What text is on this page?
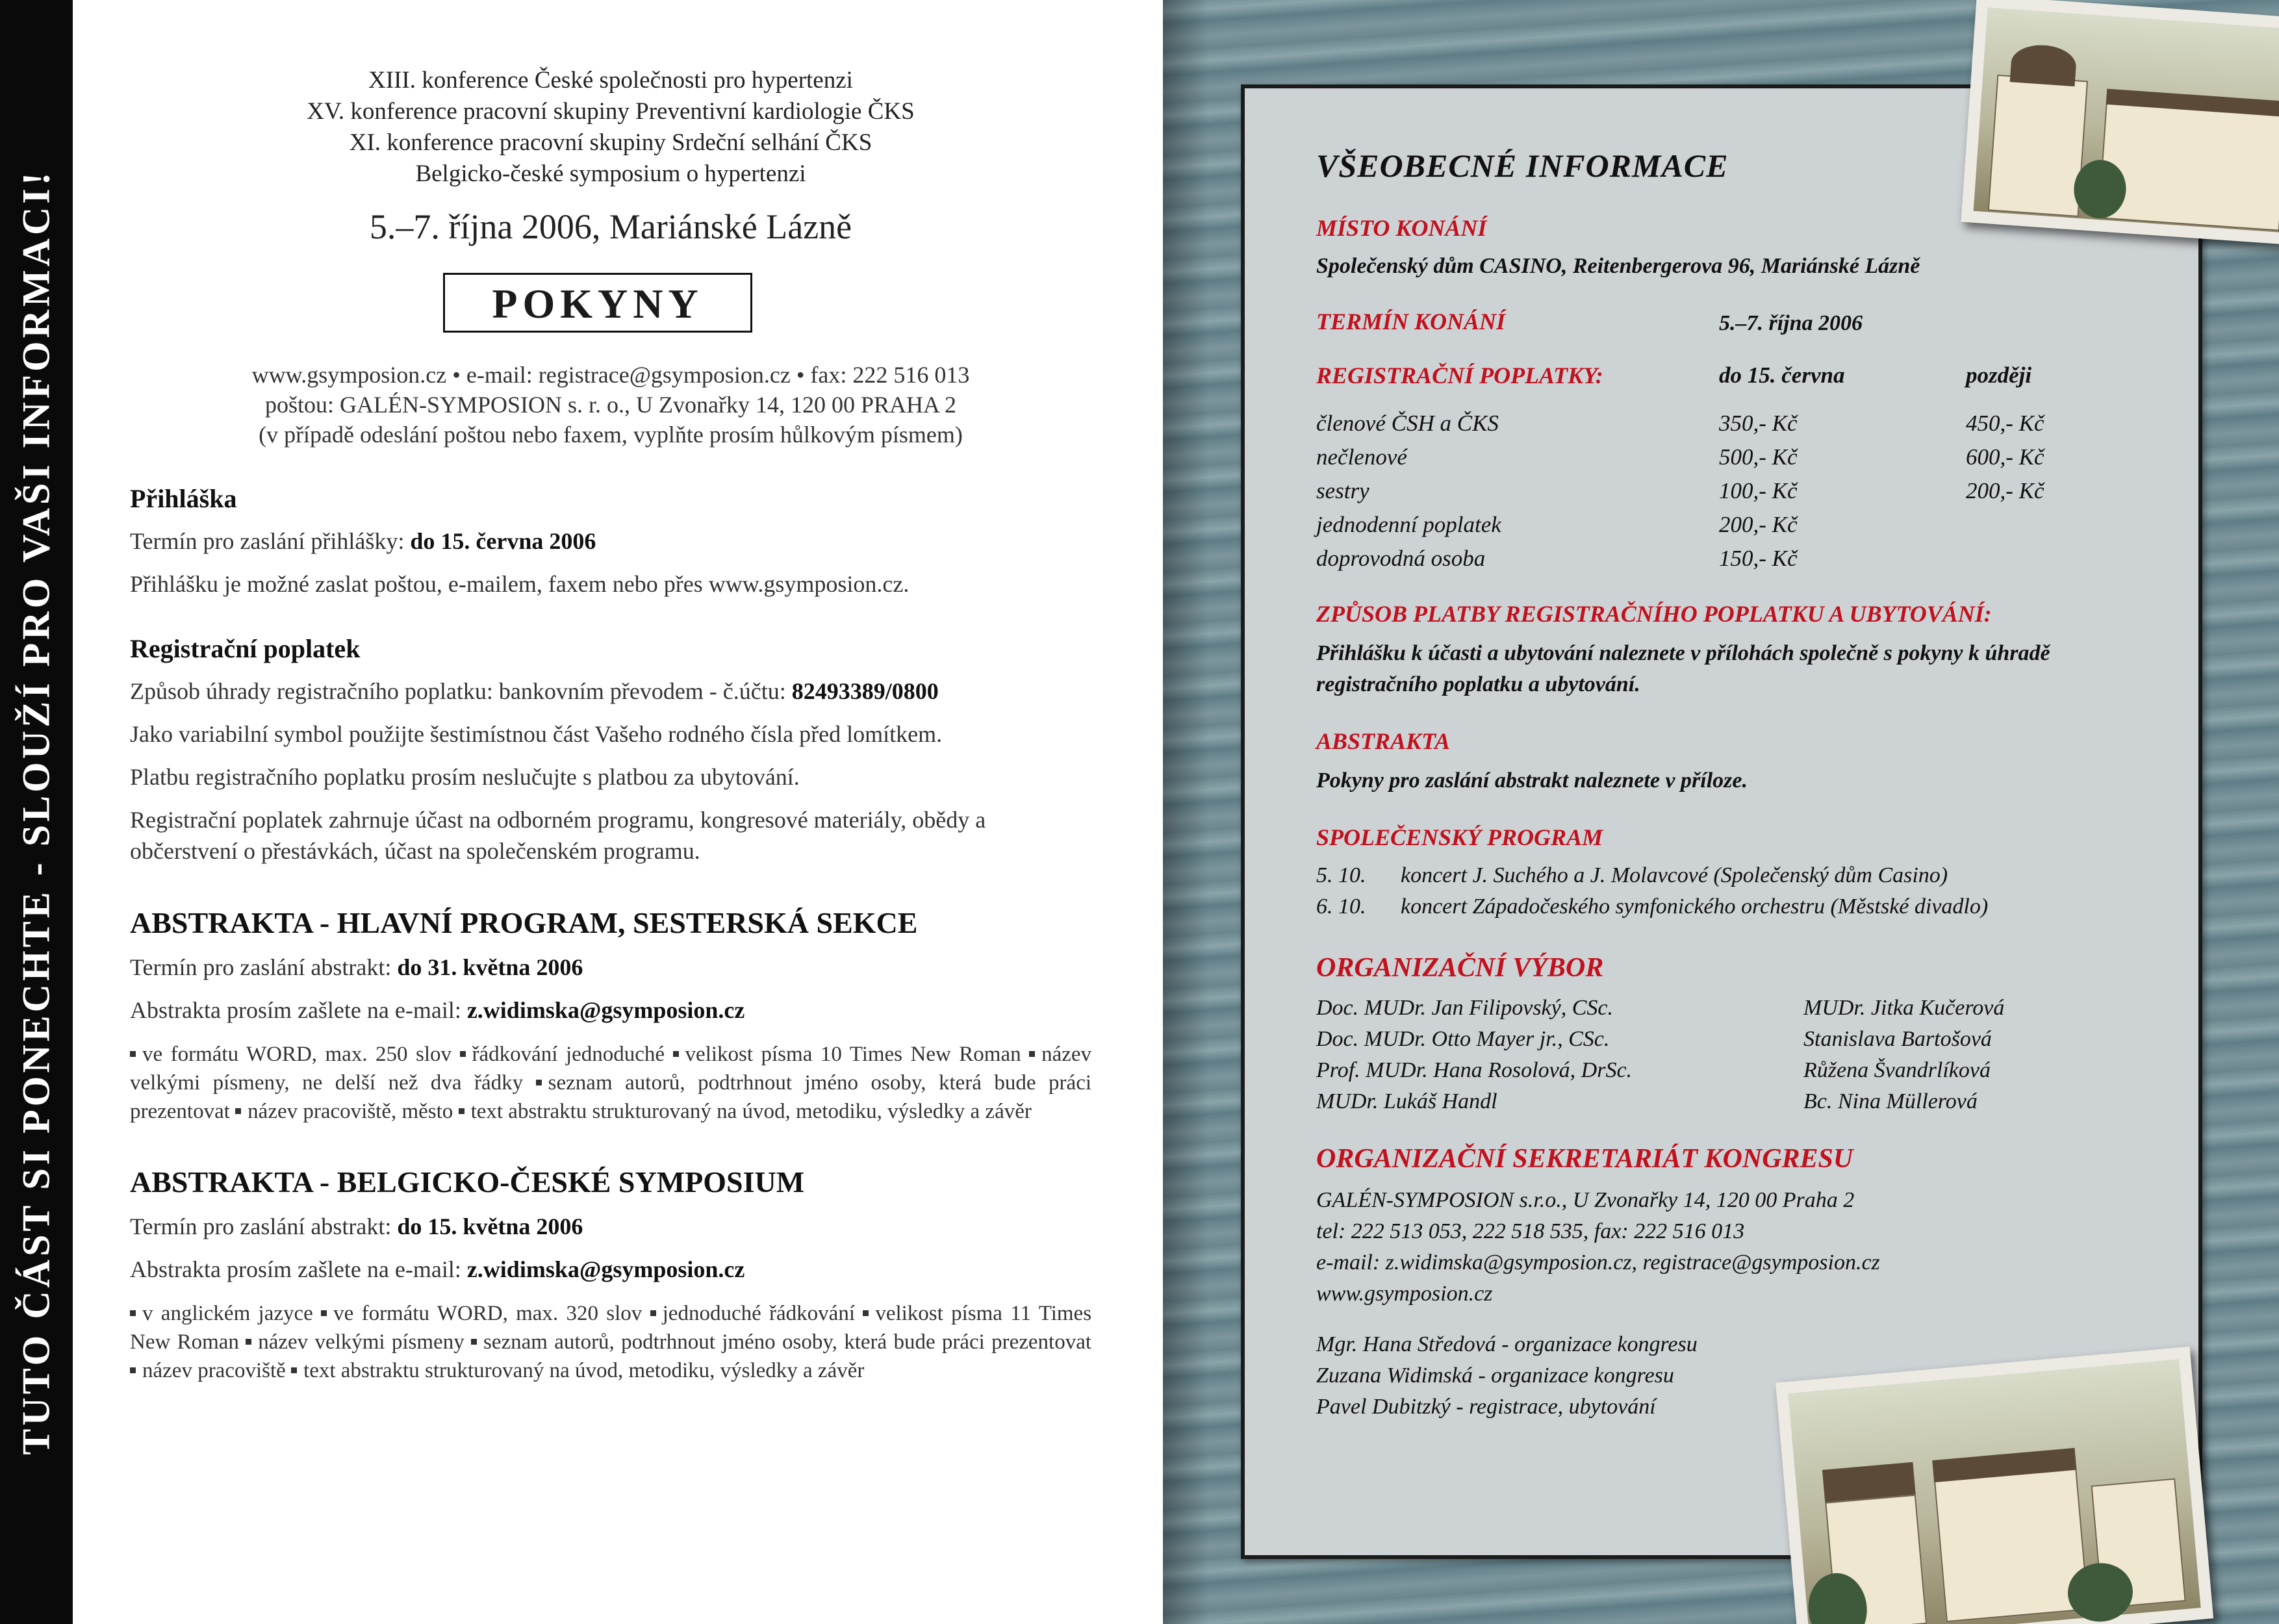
TUTO ČÁST SI PONECHTE - SLOUŽÍ PRO VAŠI INFORMACI!
XIII. konference České společnosti pro hypertenzi
XV. konference pracovní skupiny Preventivní kardiologie ČKS
XI. konference pracovní skupiny Srdeční selhání ČKS
Belgicko-české symposium o hypertenzi
5.–7. října 2006, Mariánské Lázně
POKYNY
www.gsymposion.cz • e-mail: registrace@gsymposion.cz • fax: 222 516 013
poštou: GALÉN-SYMPOSION s. r. o., U Zvonařky 14, 120 00 PRAHA 2
(v případě odeslání poštou nebo faxem, vyplňte prosím hůlkovým písmem)
Přihláška
Termín pro zaslání přihlášky: do 15. června 2006
Přihlášku je možné zaslat poštou, e-mailem, faxem nebo přes www.gsymposion.cz.
Registrační poplatek
Způsob úhrady registračního poplatku: bankovním převodem - č.účtu: 82493389/0800
Jako variabilní symbol použijte šestimístnou část Vašeho rodného čísla před lomítkem.
Platbu registračního poplatku prosím neslučujte s platbou za ubytování.
Registrační poplatek zahrnuje účast na odborném programu, kongresové materiály, obědy a občerstvení o přestávkách, účast na společenském programu.
ABSTRAKTA - HLAVNÍ PROGRAM, SESTERSKÁ SEKCE
Termín pro zaslání abstrakt: do 31. května 2006
Abstrakta prosím zašlete na e-mail: z.widimska@gsymposion.cz
ve formátu WORD, max. 250 slov řádkování jednoduché velikost písma 10 Times New Roman název velkými písmeny, ne delší než dva řádky seznam autorů, podtrhnout jméno osoby, která bude práci prezentovat název pracoviště, město text abstraktu strukturovaný na úvod, metodiku, výsledky a závěr
ABSTRAKTA - BELGICKO-ČESKÉ SYMPOSIUM
Termín pro zaslání abstrakt: do 15. května 2006
Abstrakta prosím zašlete na e-mail: z.widimska@gsymposion.cz
v anglickém jazyce ve formátu WORD, max. 320 slov jednoduché řádkování velikost písma 11 Times New Roman název velkými písmeny seznam autorů, podtrhnout jméno osoby, která bude práci prezentovat název pracoviště text abstraktu strukturovaný na úvod, metodiku, výsledky a závěr
VŠEOBECNÉ INFORMACE
MÍSTO KONÁNÍ
Společenský dům CASINO, Reitenbergerova 96, Mariánské Lázně
TERMÍN KONÁNÍ	5.–7. října 2006
REGISTRAČNÍ POPLATKY:	do 15. června	později
členové ČSH a ČKS	350,- Kč	450,- Kč
nečlenové	500,- Kč	600,- Kč
sestry	100,- Kč	200,- Kč
jednodenní poplatek	200,- Kč
doprovodná osoba	150,- Kč
ZPŮSOB PLATBY REGISTRAČNÍHO POPLATKU A UBYTOVÁNÍ:
Přihlášku k účasti a ubytování naleznete v přílohách společně s pokyny k úhradě registračního poplatku a ubytování.
ABSTRAKTA
Pokyny pro zaslání abstrakt naleznete v příloze.
SPOLEČENSKÝ PROGRAM
5. 10.	koncert J. Suchého a J. Molavcové (Společenský dům Casino)
6. 10.	koncert Západočeského symfonického orchestru (Městské divadlo)
ORGANIZAČNÍ VÝBOR
Doc. MUDr. Jan Filipovský, CSc.
Doc. MUDr. Otto Mayer jr., CSc.
Prof. MUDr. Hana Rosolová, DrSc.
MUDr. Lukáš Handl
MUDr. Jitka Kučerová
Stanislava Bartošová
Růžena Švandrlíková
Bc. Nina Müllerová
ORGANIZAČNÍ SEKRETARIÁT KONGRESU
GALÉN-SYMPOSION s.r.o., U Zvonařky 14, 120 00 Praha 2
tel: 222 513 053, 222 518 535, fax: 222 516 013
e-mail: z.widimska@gsymposion.cz, registrace@gsymposion.cz
www.gsymposion.cz
Mgr. Hana Středová - organizace kongresu
Zuzana Widimská - organizace kongresu
Pavel Dubitzký - registrace, ubytování
